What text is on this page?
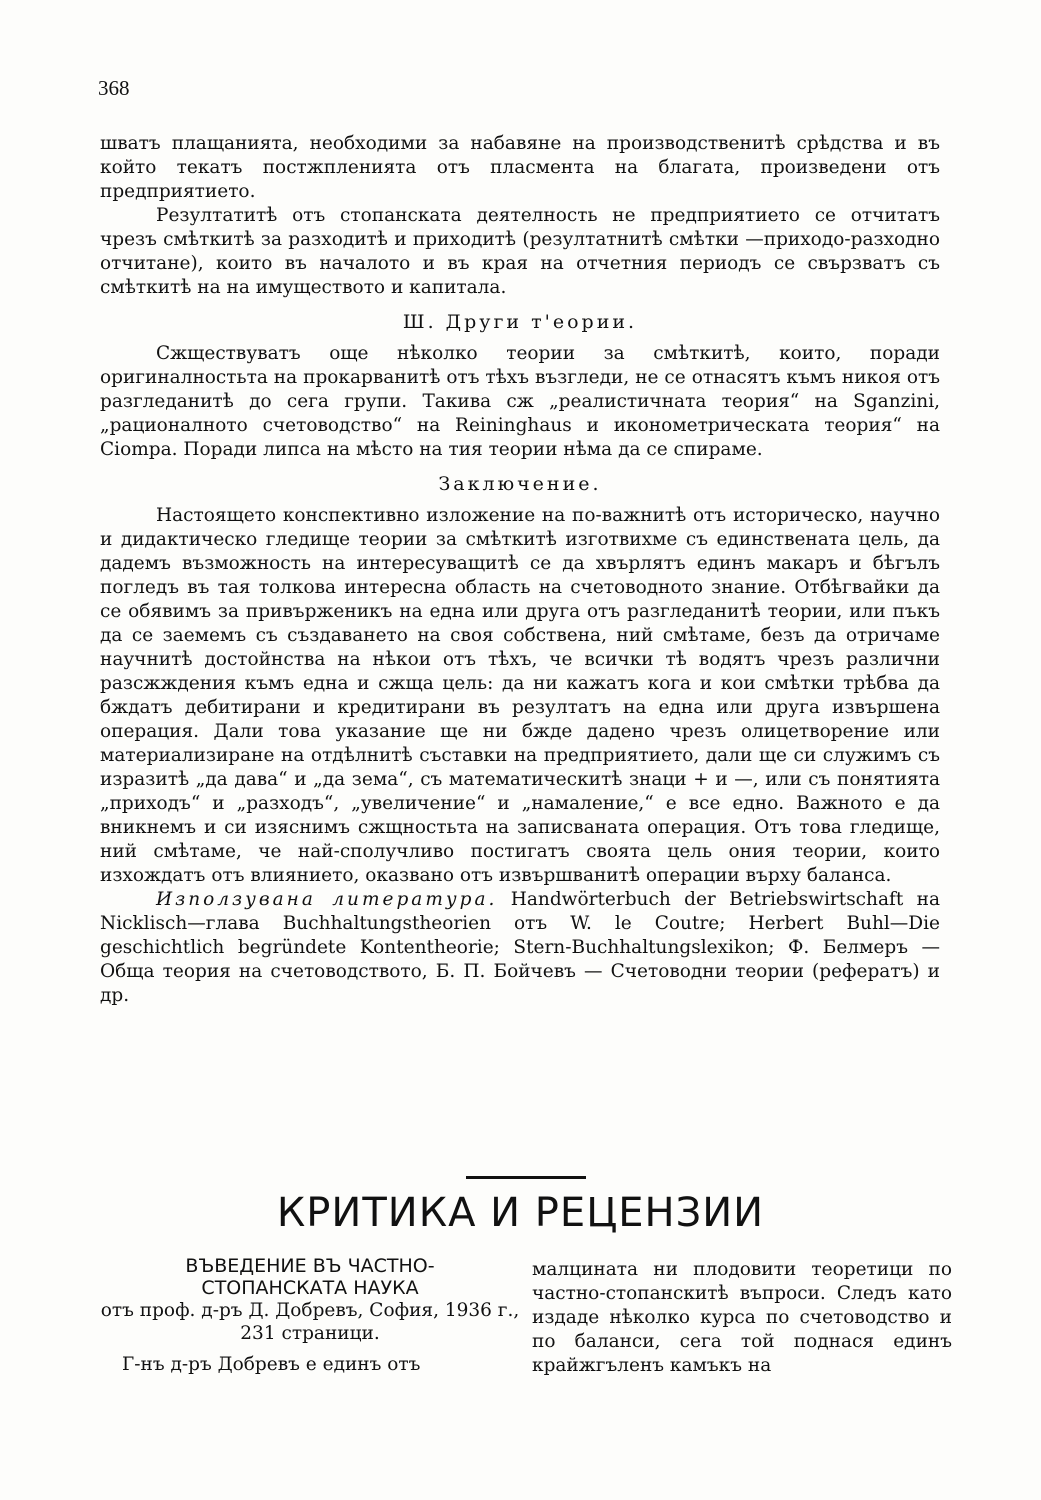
368

шватъ плащанията, необходими за набавяне на производственитѣ срѣдства и въ който текатъ постжпленията отъ пласмента на благата, произведени отъ предприятието.

Резултатитѣ отъ стопанската деятелность не предприятието се отчитатъ чрезъ смѣткитѣ за разходитѣ и приходитѣ (резултатнитѣ смѣтки —приходо-разходно отчитане), които въ началото и въ края на отчетния периодъ се свързватъ съ смѣткитѣ на на имуществото и капитала.

Ш. Други т'еории.

Сжществуватъ още нѣколко теории за смѣткитѣ, които, поради оригиналностьта на прокарванитѣ отъ тѣхъ възгледи, не се отнасятъ къмъ никоя отъ разгледанитѣ до сега групи. Такива сж „реалистичната теория“ на Sganzini, „рационалното счетоводство“ на Reininghaus и иконометрическата теория“ на Ciompa. Поради липса на мѣсто на тия теории нѣма да се спираме.

Заключение.

Настоящето конспективно изложение на по-важнитѣ отъ историческо, научно и дидактическо гледище теории за смѣткитѣ изготвихме съ единствената цель, да дадемъ възможность на интересуващитѣ се да хвърлятъ единъ макаръ и бѣгълъ погледъ въ тая толкова интересна область на счетоводното знание. Отбѣгвайки да се обявимъ за привърженикъ на една или друга отъ разгледанитѣ теории, или пъкъ да се заемемъ съ създаването на своя собствена, ний смѣтаме, безъ да отричаме научнитѣ достойнства на нѣкои отъ тѣхъ, че всички тѣ водятъ чрезъ различни разсжждения къмъ една и сжща цель: да ни кажатъ кога и кои смѣтки трѣбва да бждатъ дебитирани и кредитирани въ резултатъ на една или друга извършена операция. Дали това указание ще ни бжде дадено чрезъ олицетворение или материализиране на отдѣлнитѣ съставки на предприятието, дали ще си служимъ съ изразитѣ „да дава“ и „да зема“, съ математическитѣ знаци + и —, или съ понятията „приходъ“ и „разходъ“, „увеличение“ и „намаление,“ е все едно. Важното е да вникнемъ и си изяснимъ сжщностьта на записваната операция. Отъ това гледище, ний смѣтаме, че най-сполучливо постигатъ своята цель ония теории, които изхождатъ отъ влиянието, оказвано отъ извършванитѣ операции върху баланса.

Използувана литература. Handwörterbuch der Betriebswirtschaft на Nicklisch—глава Buchhaltungstheorien отъ W. le Coutre; Herbert Buhl—Die geschichtlich begründete Kontentheorie; Stern-Buchhaltungslexikon; Ф. Белмеръ — Обща теория на счетоводството, Б. П. Бойчевъ — Счетоводни теории (рефератъ) и др.

КРИТИКА И РЕЦЕНЗИИ
ВЪВЕДЕНИЕ ВЪ ЧАСТНО-
СТОПАНСКАТА НАУКА

отъ проф. д-ръ Д. Добревъ, София, 1936 г., 231 страници.

Г-нъ д-ръ Добревъ е единъ отъ

малцината ни плодовити теоретици по частно-стопанскитѣ въпроси. Следъ като издаде нѣколко курса по счетоводство и по баланси, сега той поднася единъ крайжгъленъ камъкъ на
